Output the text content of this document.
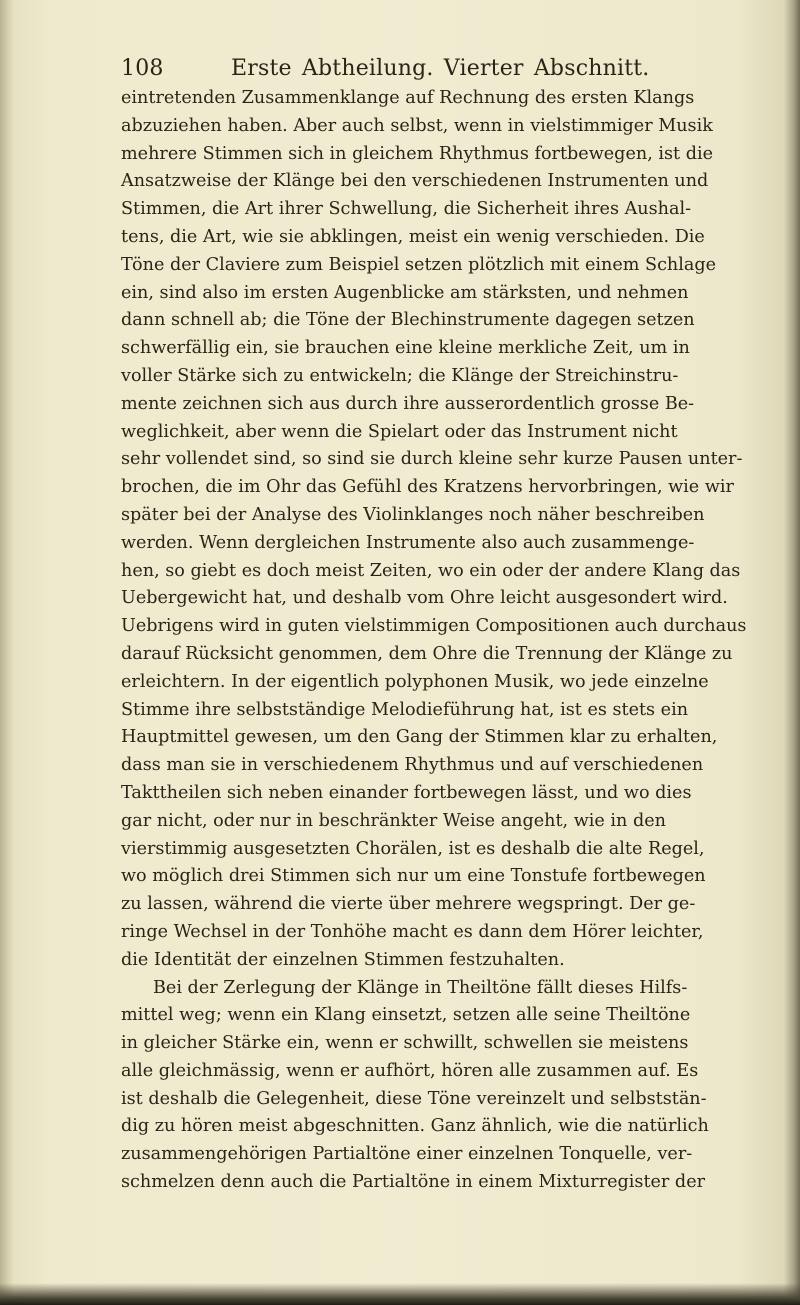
108	Erste Abtheilung. Vierter Abschnitt.
eintretenden Zusammenklange auf Rechnung des ersten Klangs
abzuziehen haben. Aber auch selbst, wenn in vielstimmiger Musik
mehrere Stimmen sich in gleichem Rhythmus fortbewegen, ist die
Ansatzweise der Klänge bei den verschiedenen Instrumenten und
Stimmen, die Art ihrer Schwellung, die Sicherheit ihres Aushal-
tens, die Art, wie sie abklingen, meist ein wenig verschieden. Die
Töne der Claviere zum Beispiel setzen plötzlich mit einem Schlage
ein, sind also im ersten Augenblicke am stärksten, und nehmen
dann schnell ab; die Töne der Blechinstrumente dagegen setzen
schwerfällig ein, sie brauchen eine kleine merkliche Zeit, um in
voller Stärke sich zu entwickeln; die Klänge der Streichinstru-
mente zeichnen sich aus durch ihre ausserordentlich grosse Be-
weglichkeit, aber wenn die Spielart oder das Instrument nicht
sehr vollendet sind, so sind sie durch kleine sehr kurze Pausen unter-
brochen, die im Ohr das Gefühl des Kratzens hervorbringen, wie wir
später bei der Analyse des Violinklanges noch näher beschreiben
werden. Wenn dergleichen Instrumente also auch zusammenge-
hen, so giebt es doch meist Zeiten, wo ein oder der andere Klang das
Uebergewicht hat, und deshalb vom Ohre leicht ausgesondert wird.
Uebrigens wird in guten vielstimmigen Compositionen auch durchaus
darauf Rücksicht genommen, dem Ohre die Trennung der Klänge zu
erleichtern. In der eigentlich polyphonen Musik, wo jede einzelne
Stimme ihre selbstständige Melodieführung hat, ist es stets ein
Hauptmittel gewesen, um den Gang der Stimmen klar zu erhalten,
dass man sie in verschiedenem Rhythmus und auf verschiedenen
Takttheilen sich neben einander fortbewegen lässt, und wo dies
gar nicht, oder nur in beschränkter Weise angeht, wie in den
vierstimmig ausgesetzten Chorälen, ist es deshalb die alte Regel,
wo möglich drei Stimmen sich nur um eine Tonstufe fortbewegen
zu lassen, während die vierte über mehrere wegspringt. Der ge-
ringe Wechsel in der Tonhöhe macht es dann dem Hörer leichter,
die Identität der einzelnen Stimmen festzuhalten.
Bei der Zerlegung der Klänge in Theiltöne fällt dieses Hilfs-
mittel weg; wenn ein Klang einsetzt, setzen alle seine Theiltöne
in gleicher Stärke ein, wenn er schwillt, schwellen sie meistens
alle gleichmässig, wenn er aufhört, hören alle zusammen auf. Es
ist deshalb die Gelegenheit, diese Töne vereinzelt und selbststän-
dig zu hören meist abgeschnitten. Ganz ähnlich, wie die natürlich
zusammengehörigen Partialtöne einer einzelnen Tonquelle, ver-
schmelzen denn auch die Partialtöne in einem Mixturregister der
